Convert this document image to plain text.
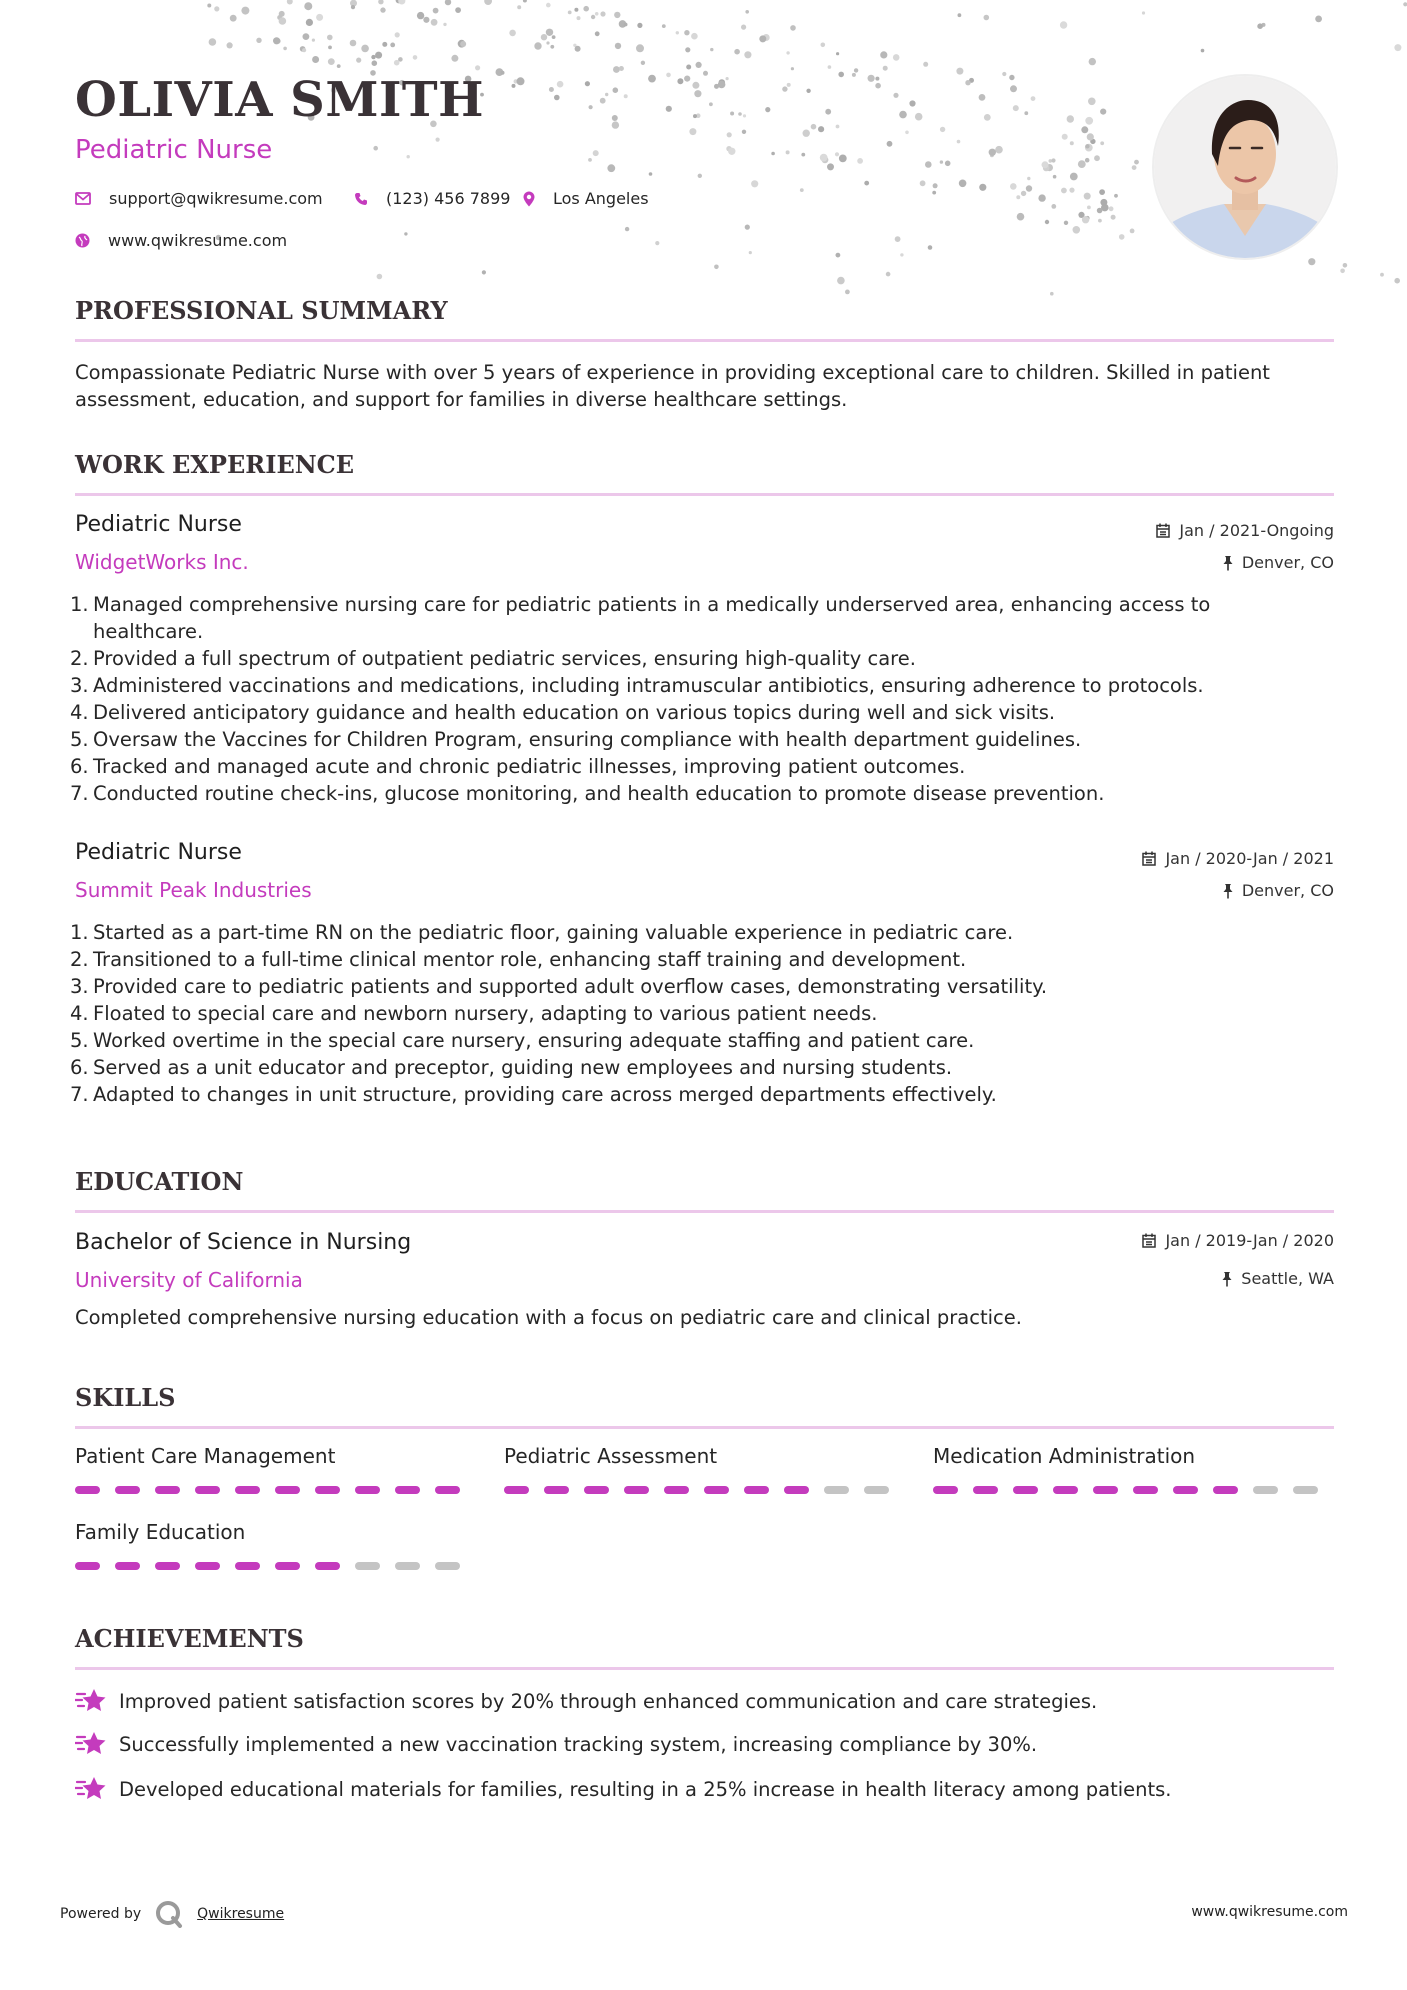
OLIVIA SMITH
Pediatric Nurse
support@qwikresume.com	(123) 456 7899	Los Angeles
www.qwikresume.com
PROFESSIONAL SUMMARY

Compassionate Pediatric Nurse with over 5 years of experience in providing exceptional care to children. Skilled in patient assessment, education, and support for families in diverse healthcare settings.

WORK EXPERIENCE
Pediatric Nurse
WidgetWorks Inc.
Jan / 2021-Ongoing
Denver, CO
1. Managed comprehensive nursing care for pediatric patients in a medically underserved area, enhancing access to healthcare.
2. Provided a full spectrum of outpatient pediatric services, ensuring high-quality care.
3. Administered vaccinations and medications, including intramuscular antibiotics, ensuring adherence to protocols.
4. Delivered anticipatory guidance and health education on various topics during well and sick visits.
5. Oversaw the Vaccines for Children Program, ensuring compliance with health department guidelines.
6. Tracked and managed acute and chronic pediatric illnesses, improving patient outcomes.
7. Conducted routine check-ins, glucose monitoring, and health education to promote disease prevention.
Pediatric Nurse
Summit Peak Industries
Jan / 2020-Jan / 2021
Denver, CO
1. Started as a part-time RN on the pediatric floor, gaining valuable experience in pediatric care.
2. Transitioned to a full-time clinical mentor role, enhancing staff training and development.
3. Provided care to pediatric patients and supported adult overflow cases, demonstrating versatility.
4. Floated to special care and newborn nursery, adapting to various patient needs.
5. Worked overtime in the special care nursery, ensuring adequate staffing and patient care.
6. Served as a unit educator and preceptor, guiding new employees and nursing students.
7. Adapted to changes in unit structure, providing care across merged departments effectively.
EDUCATION
Bachelor of Science in Nursing
University of California
Jan / 2019-Jan / 2020
Seattle, WA

Completed comprehensive nursing education with a focus on pediatric care and clinical practice.

SKILLS
Patient Care Management	Pediatric Assessment	Medication Administration
Family Education
ACHIEVEMENTS
Improved patient satisfaction scores by 20% through enhanced communication and care strategies.
Successfully implemented a new vaccination tracking system, increasing compliance by 30%.
Developed educational materials for families, resulting in a 25% increase in health literacy among patients.
Powered by	Qwikresume	www.qwikresume.com
